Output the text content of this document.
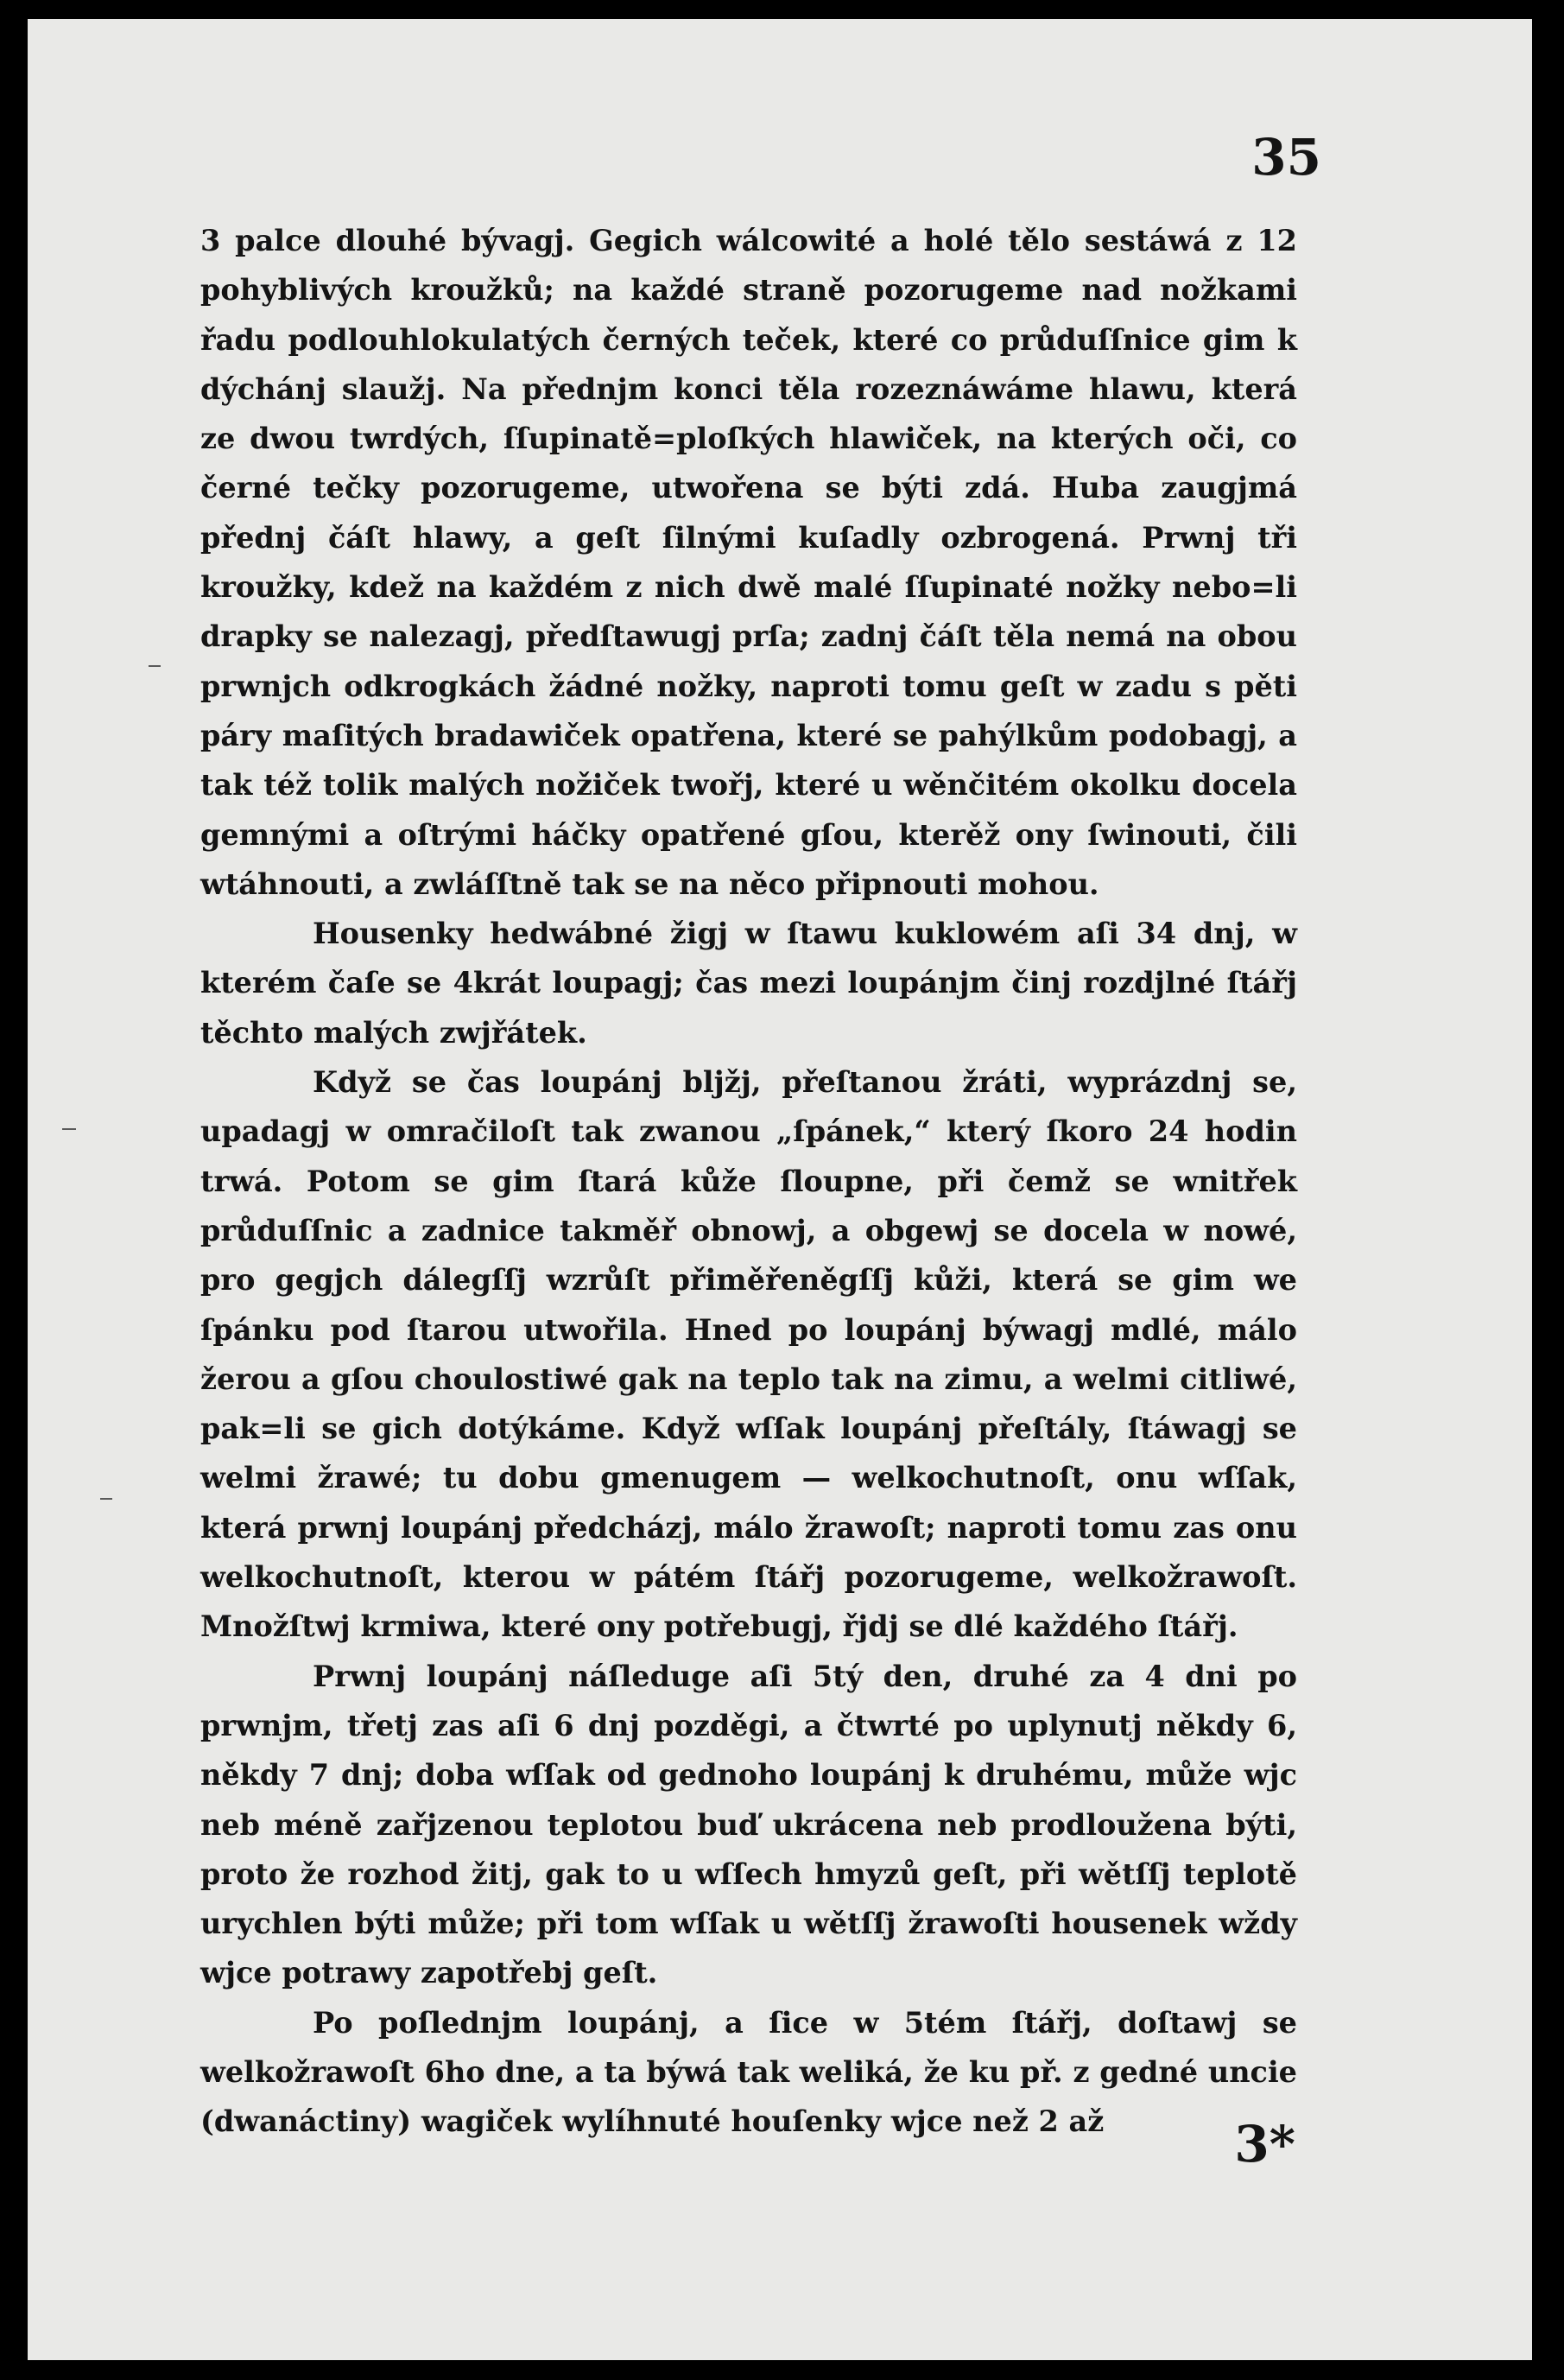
35

3 palce dlouhé bývagj. Gegich wálcowité a holé tělo sestáwá z 12 pohyblivých kroužků; na každé straně pozorugeme nad nožkami řadu podlouhlokulatých černých teček, které co průduſſnice gim k dýchánj slaužj. Na přednjm konci těla rozeznáwáme hlawu, která ze dwou twrdých, ſſupinatě=ploſkých hlawiček, na kterých oči, co černé tečky pozorugeme, utwořena se býti zdá. Huba zaugjmá přednj čáſt hlawy, a geſt ſilnými kuſadly ozbrogená. Prwnj tři kroužky, kdež na každém z nich dwě malé ſſupinaté nožky nebo=li drapky se nalezagj, předſtawugj prſa; zadnj čáſt těla nemá na obou prwnjch odkrogkách žádné nožky, naproti tomu geſt w zadu s pěti páry maſitých bradawiček opatřena, které se pahýlkům podobagj, a tak též tolik malých nožiček twořj, které u wěnčitém okolku docela gemnými a oſtrými háčky opatřené gſou, kterěž ony ſwinouti, čili wtáhnouti, a zwláſſtně tak se na něco připnouti mohou.

Housenky hedwábné žigj w ſtawu kuklowém aſi 34 dnj, w kterém čaſe se 4krát loupagj; čas mezi loupánjm činj rozdjlné ſtářj těchto malých zwjřátek.

Když se čas loupánj blјžj, přeſtanou žráti, wyprázdnj se, upadagj w omračiloſt tak zwanou „ſpánek,“ který ſkoro 24 hodin trwá. Potom se gim ſtará kůže ſloupne, při čemž se wnitřek průduſſnic a zadnice takměř obnowj, a obgewj se docela w nowé, pro gegjch dálegſſj wzrůſt přiměřeněgſſj kůži, která se gim we ſpánku pod ſtarou utwořila. Hned po loupánj býwagj mdlé, málo žerou a gſou choulostiwé gak na teplo tak na zimu, a welmi citliwé, pak=li se gich dotýkáme. Když wſſak loupánj přeſtály, ſtáwagj se welmi žrawé; tu dobu gmenugem — welkochutnoſt, onu wſſak, která prwnj loupánj předcházj, málo žrawoſt; naproti tomu zas onu welkochutnoſt, kterou w pátém ſtářj pozorugeme, welkožrawoſt. Množſtwj krmiwa, které ony potřebugj, řjdj se dlé každého ſtářj.

Prwnj loupánj náſledugе aſi 5tý den, druhé za 4 dni po prwnjm, třetj zas aſi 6 dnj pozděgi, a čtwrté po uplynutj někdy 6, někdy 7 dnj; doba wſſak od gednoho loupánj k druhému, může wjc neb méně zařjzenou teplotou buď ukrácena neb prodloužena býti, proto že rozhod žitj, gak to u wſſech hmyzů geſt, při wětſſj teplotě urychlen býti může; při tom wſſak u wětſſj žrawoſti housenek wždy wjce potrawy zapotřebj geſt.

Po poſlednjm loupánj, a ſice w 5tém ſtářj, doſtawj se welkožrawoſt 6ho dne, a ta býwá tak weliká, že ku př. z gedné uncie (dwanáctiny) wagiček wylíhnuté houſenky wjce než 2 až	3*
